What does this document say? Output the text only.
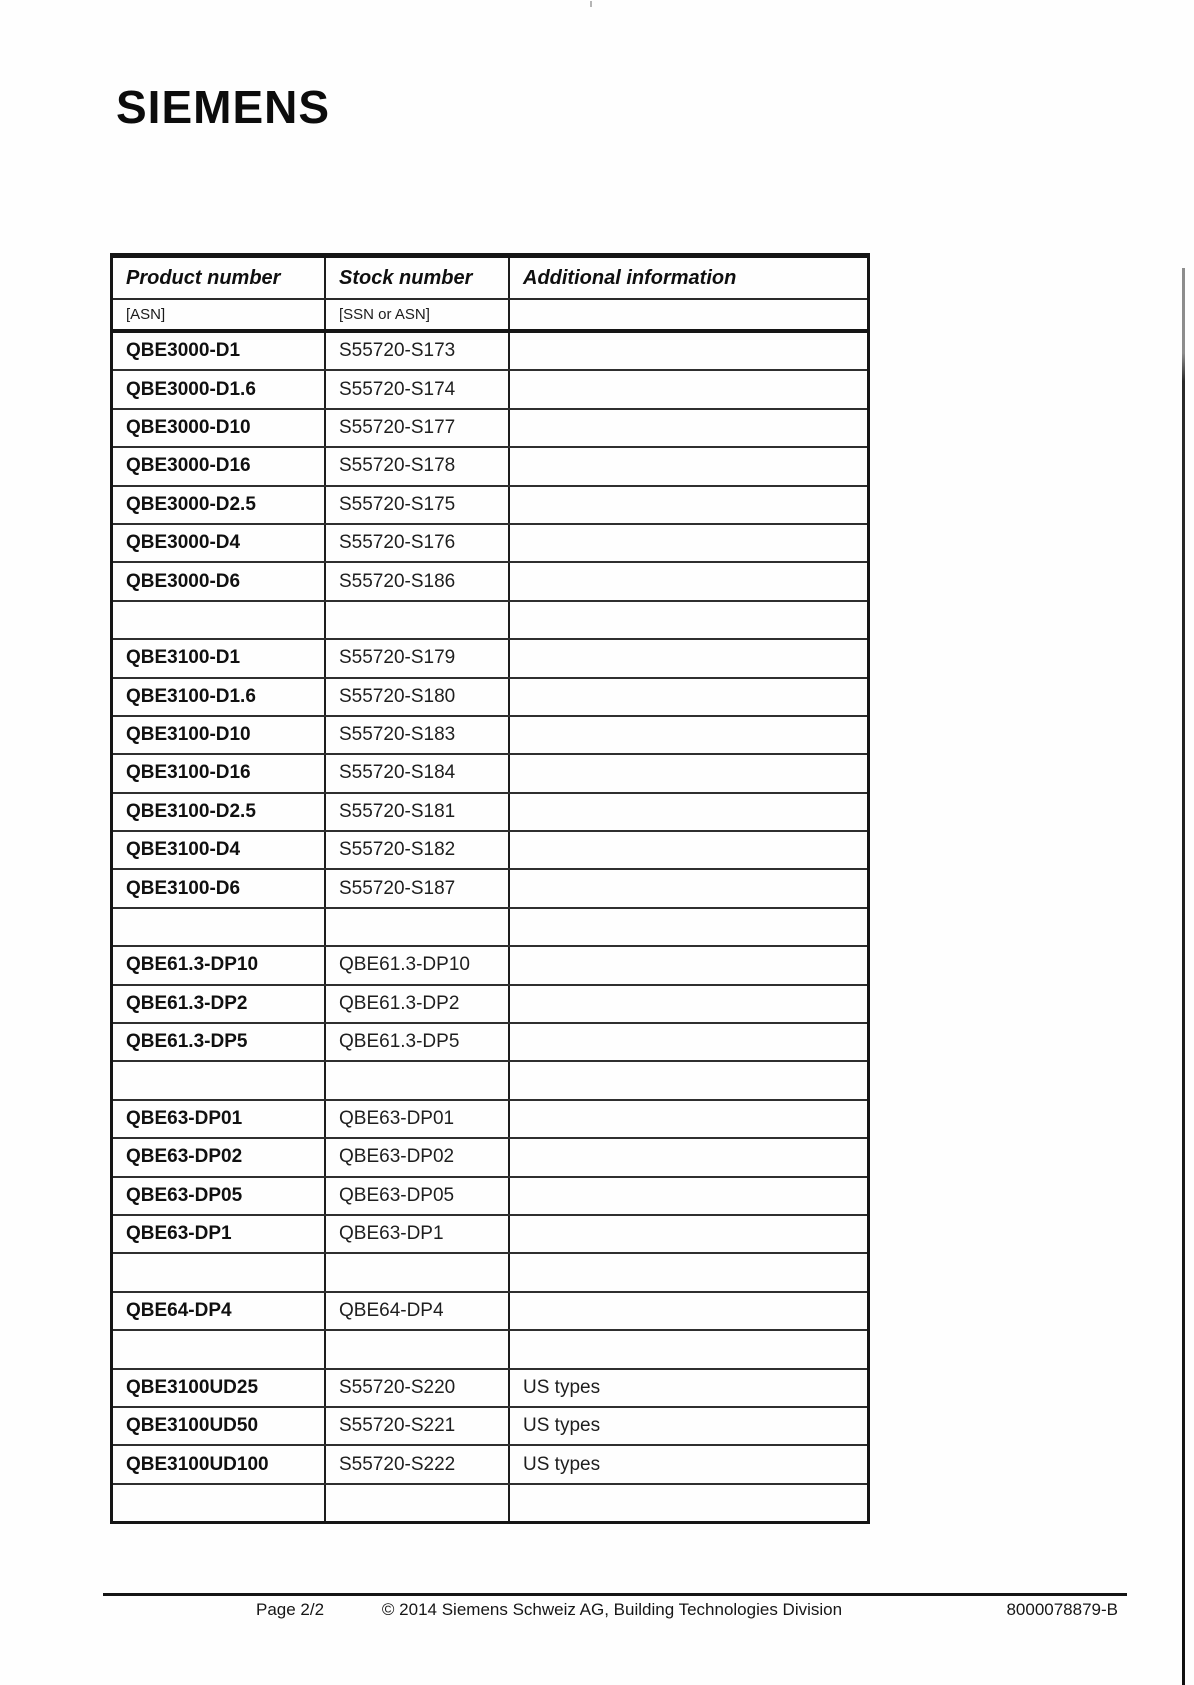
SIEMENS
Product number	Stock number	Additional information
[ASN]	[SSN or ASN]
QBE3000-D1	S55720-S173
QBE3000-D1.6	S55720-S174
QBE3000-D10	S55720-S177
QBE3000-D16	S55720-S178
QBE3000-D2.5	S55720-S175
QBE3000-D4	S55720-S176
QBE3000-D6	S55720-S186
QBE3100-D1	S55720-S179
QBE3100-D1.6	S55720-S180
QBE3100-D10	S55720-S183
QBE3100-D16	S55720-S184
QBE3100-D2.5	S55720-S181
QBE3100-D4	S55720-S182
QBE3100-D6	S55720-S187
QBE61.3-DP10	QBE61.3-DP10
QBE61.3-DP2	QBE61.3-DP2
QBE61.3-DP5	QBE61.3-DP5
QBE63-DP01	QBE63-DP01
QBE63-DP02	QBE63-DP02
QBE63-DP05	QBE63-DP05
QBE63-DP1	QBE63-DP1
QBE64-DP4	QBE64-DP4
QBE3100UD25	S55720-S220	US types
QBE3100UD50	S55720-S221	US types
QBE3100UD100	S55720-S222	US types
Page 2/2	© 2014 Siemens Schweiz AG, Building Technologies Division	8000078879-B
